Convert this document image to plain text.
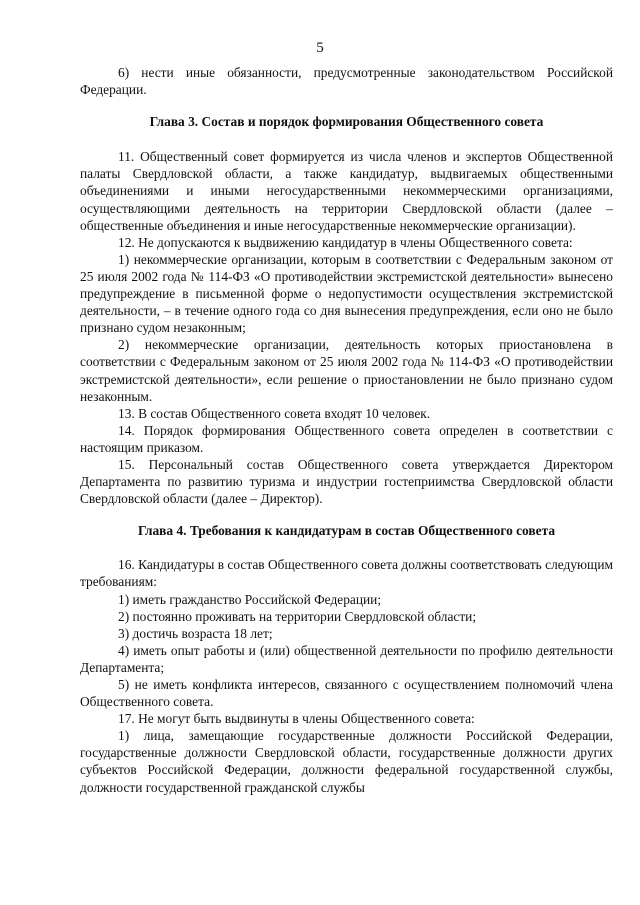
5

6) нести иные обязанности, предусмотренные законодательством Российской Федерации.

Глава 3. Состав и порядок формирования Общественного совета

11. Общественный совет формируется из числа членов и экспертов Общественной палаты Свердловской области, а также кандидатур, выдвигаемых общественными объединениями и иными негосударственными некоммерческими организациями, осуществляющими деятельность на территории Свердловской области (далее – общественные объединения и иные негосударственные некоммерческие организации).

12. Не допускаются к выдвижению кандидатур в члены Общественного совета:

1) некоммерческие организации, которым в соответствии с Федеральным законом от 25 июля 2002 года № 114-ФЗ «О противодействии экстремистской деятельности» вынесено предупреждение в письменной форме о недопустимости осуществления экстремистской деятельности, – в течение одного года со дня вынесения предупреждения, если оно не было признано судом незаконным;

2) некоммерческие организации, деятельность которых приостановлена в соответствии с Федеральным законом от 25 июля 2002 года № 114-ФЗ «О противодействии экстремистской деятельности», если решение о приостановлении не было признано судом незаконным.

13. В состав Общественного совета входят 10 человек.

14. Порядок формирования Общественного совета определен в соответствии с настоящим приказом.

15. Персональный состав Общественного совета утверждается Директором Департамента по развитию туризма и индустрии гостеприимства Свердловской области Свердловской области (далее – Директор).

Глава 4. Требования к кандидатурам в состав Общественного совета

16. Кандидатуры в состав Общественного совета должны соответствовать следующим требованиям:

1) иметь гражданство Российской Федерации;

2) постоянно проживать на территории Свердловской области;

3) достичь возраста 18 лет;

4) иметь опыт работы и (или) общественной деятельности по профилю деятельности Департамента;

5) не иметь конфликта интересов, связанного с осуществлением полномочий члена Общественного совета.

17. Не могут быть выдвинуты в члены Общественного совета:

1) лица, замещающие государственные должности Российской Федерации, государственные должности Свердловской области, государственные должности других субъектов Российской Федерации, должности федеральной государственной службы, должности государственной гражданской службы
